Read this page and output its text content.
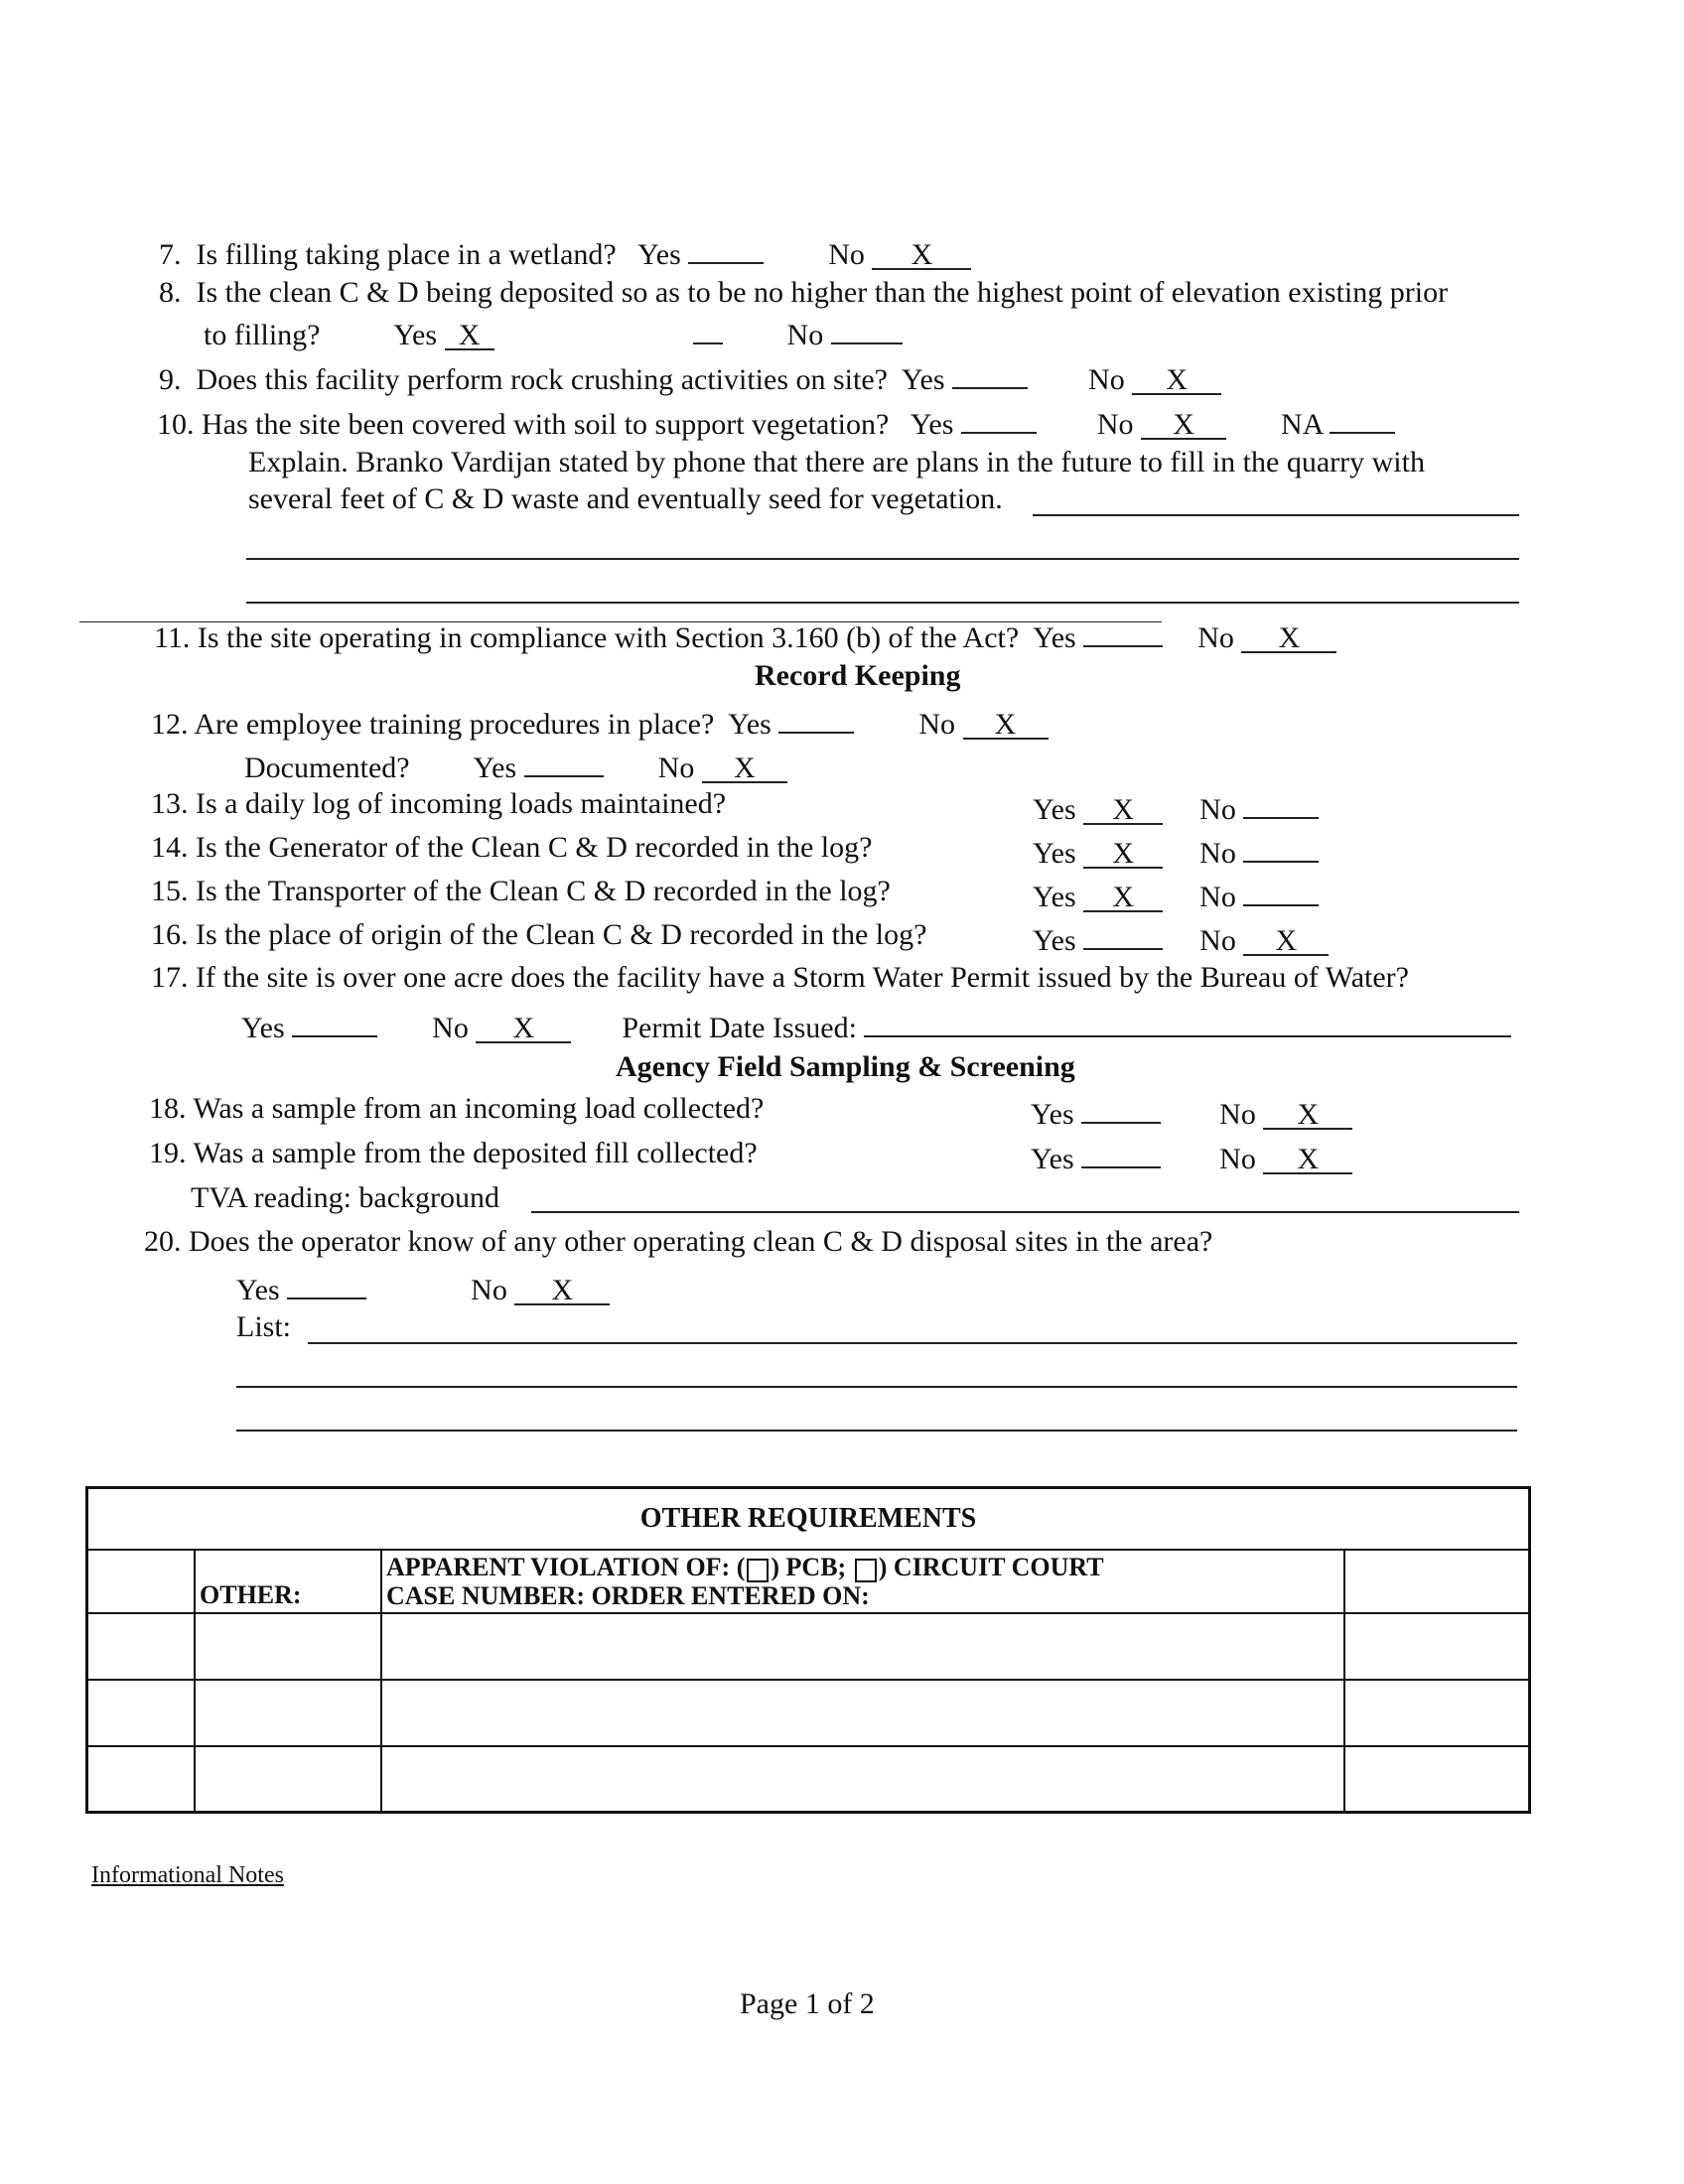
7. Is filling taking place in a wetland? Yes	No X
8. Is the clean C & D being deposited so as to be no higher than the highest point of elevation existing prior
to filling? Yes X	No
9. Does this facility perform rock crushing activities on site? Yes	No X
10. Has the site been covered with soil to support vegetation? Yes	No X	NA
Explain. Branko Vardijan stated by phone that there are plans in the future to fill in the quarry with
several feet of C & D waste and eventually seed for vegetation.
11. Is the site operating in compliance with Section 3.160 (b) of the Act? Yes	No X
Record Keeping
12. Are employee training procedures in place? Yes	No X
Documented? Yes	No X
13. Is a daily log of incoming loads maintained?	Yes X No
14. Is the Generator of the Clean C & D recorded in the log?	Yes X No
15. Is the Transporter of the Clean C & D recorded in the log?	Yes X No
16. Is the place of origin of the Clean C & D recorded in the log?	Yes	No X
17. If the site is over one acre does the facility have a Storm Water Permit issued by the Bureau of Water?
Yes	No X	Permit Date Issued:
Agency Field Sampling & Screening
18. Was a sample from an incoming load collected?	Yes	No X
19. Was a sample from the deposited fill collected?	Yes	No X
TVA reading: background
20. Does the operator know of any other operating clean C & D disposal sites in the area?
Yes	No X
List:
OTHER REQUIREMENTS			
	OTHER:	APPARENT VIOLATION OF: ( ) PCB; ) CIRCUIT COURT
CASE NUMBER: ORDER ENTERED ON:	

Informational Notes
Page 1 of 2
